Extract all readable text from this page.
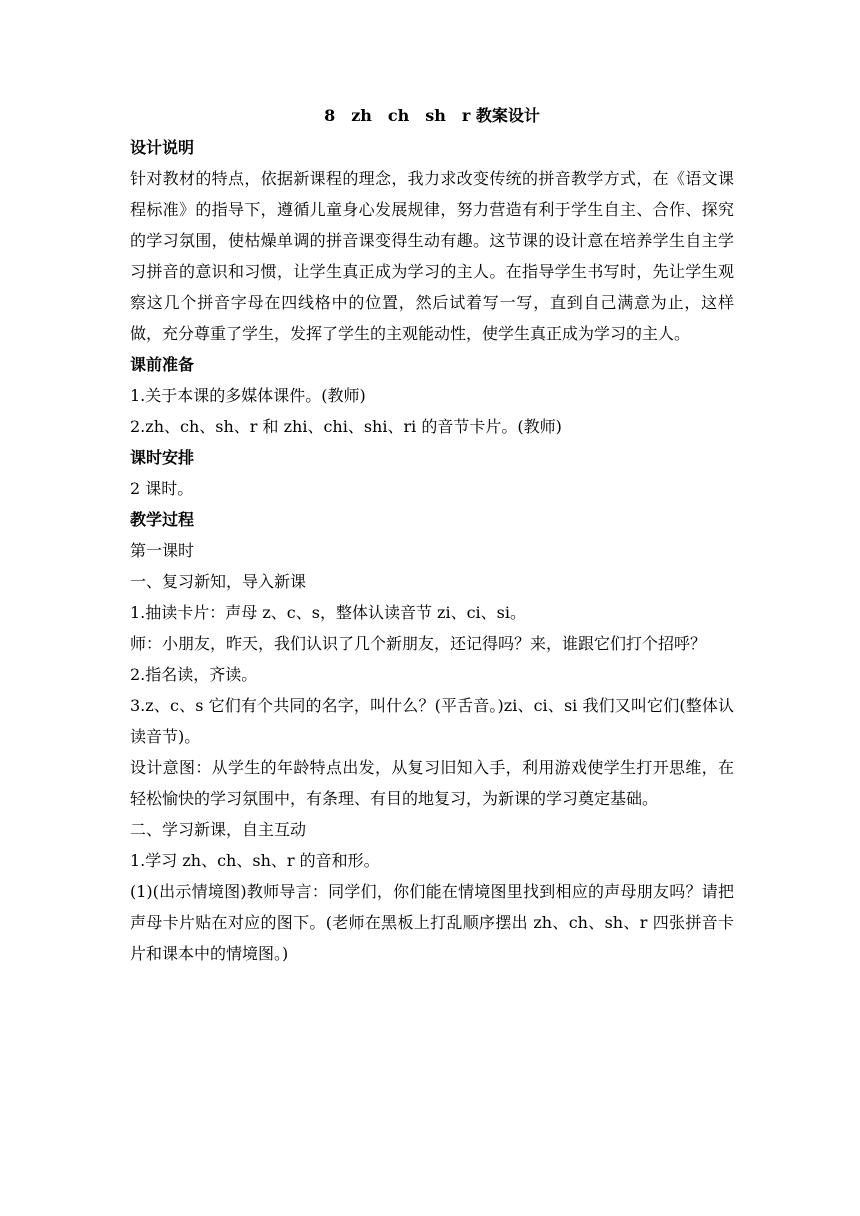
8　zh　ch　sh　r 教案设计
设计说明
针对教材的特点，依据新课程的理念，我力求改变传统的拼音教学方式，在《语文课程标准》的指导下，遵循儿童身心发展规律，努力营造有利于学生自主、合作、探究的学习氛围，使枯燥单调的拼音课变得生动有趣。这节课的设计意在培养学生自主学习拼音的意识和习惯，让学生真正成为学习的主人。在指导学生书写时，先让学生观察这几个拼音字母在四线格中的位置，然后试着写一写，直到自己满意为止，这样做，充分尊重了学生，发挥了学生的主观能动性，使学生真正成为学习的主人。
课前准备
1.关于本课的多媒体课件。(教师)
2.zh、ch、sh、r 和 zhi、chi、shi、ri 的音节卡片。(教师)
课时安排
2 课时。
教学过程
第一课时
一、复习新知，导入新课
1.抽读卡片：声母 z、c、s，整体认读音节 zi、ci、si。
师：小朋友，昨天，我们认识了几个新朋友，还记得吗？来，谁跟它们打个招呼？
2.指名读，齐读。
3.z、c、s 它们有个共同的名字，叫什么？(平舌音。)zi、ci、si 我们又叫它们(整体认读音节)。
设计意图：从学生的年龄特点出发，从复习旧知入手，利用游戏使学生打开思维，在轻松愉快的学习氛围中，有条理、有目的地复习，为新课的学习奠定基础。
二、学习新课，自主互动
1.学习 zh、ch、sh、r 的音和形。
(1)(出示情境图)教师导言：同学们，你们能在情境图里找到相应的声母朋友吗？请把声母卡片贴在对应的图下。(老师在黑板上打乱顺序摆出 zh、ch、sh、r 四张拼音卡片和课本中的情境图。)
